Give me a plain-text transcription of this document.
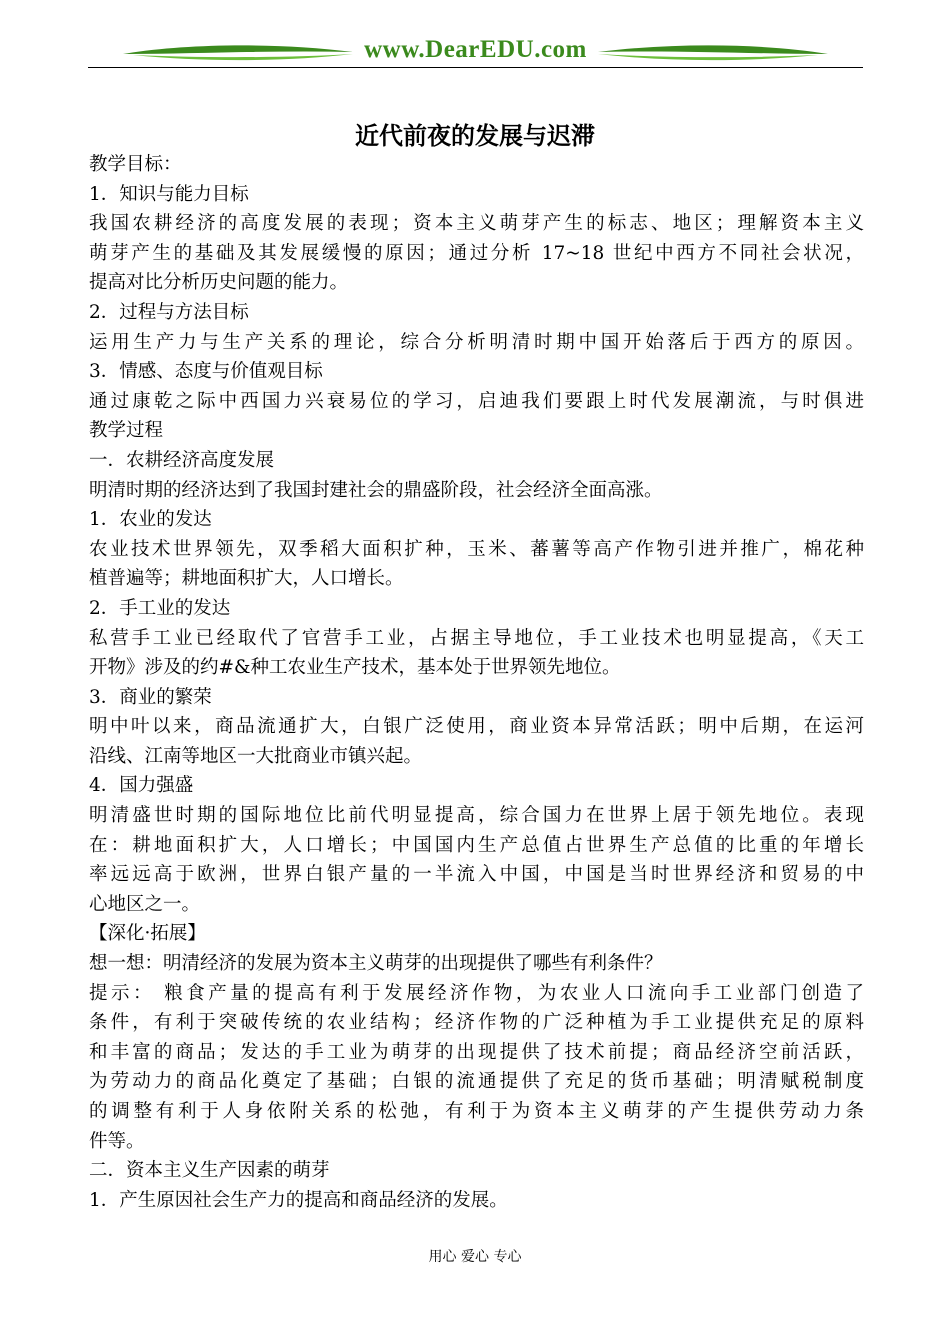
www.DearEDU.com
近代前夜的发展与迟滞
教学目标：
1．知识与能力目标
我国农耕经济的高度发展的表现；资本主义萌芽产生的标志、地区；理解资本主义
萌芽产生的基础及其发展缓慢的原因；通过分析 17~18 世纪中西方不同社会状况，
提高对比分析历史问题的能力。
2．过程与方法目标
运用生产力与生产关系的理论，综合分析明清时期中国开始落后于西方的原因。
3．情感、态度与价值观目标
通过康乾之际中西国力兴衰易位的学习，启迪我们要跟上时代发展潮流，与时俱进
教学过程
一．农耕经济高度发展
明清时期的经济达到了我国封建社会的鼎盛阶段，社会经济全面高涨。
1．农业的发达
农业技术世界领先，双季稻大面积扩种，玉米、蕃薯等高产作物引进并推广，棉花种
植普遍等；耕地面积扩大，人口增长。
2．手工业的发达
私营手工业已经取代了官营手工业，占据主导地位，手工业技术也明显提高，《天工
开物》涉及的约#&种工农业生产技术，基本处于世界领先地位。
3．商业的繁荣
明中叶以来，商品流通扩大，白银广泛使用，商业资本异常活跃；明中后期，在运河
沿线、江南等地区一大批商业市镇兴起。
4．国力强盛
明清盛世时期的国际地位比前代明显提高，综合国力在世界上居于领先地位。表现
在：耕地面积扩大，人口增长；中国国内生产总值占世界生产总值的比重的年增长
率远远高于欧洲，世界白银产量的一半流入中国，中国是当时世界经济和贸易的中
心地区之一。
【深化·拓展】
想一想：明清经济的发展为资本主义萌芽的出现提供了哪些有利条件？
提示： 粮食产量的提高有利于发展经济作物，为农业人口流向手工业部门创造了
条件，有利于突破传统的农业结构；经济作物的广泛种植为手工业提供充足的原料
和丰富的商品；发达的手工业为萌芽的出现提供了技术前提；商品经济空前活跃，
为劳动力的商品化奠定了基础；白银的流通提供了充足的货币基础；明清赋税制度
的调整有利于人身依附关系的松弛，有利于为资本主义萌芽的产生提供劳动力条
件等。
二．资本主义生产因素的萌芽
1．产生原因社会生产力的提高和商品经济的发展。
用心 爱心 专心
